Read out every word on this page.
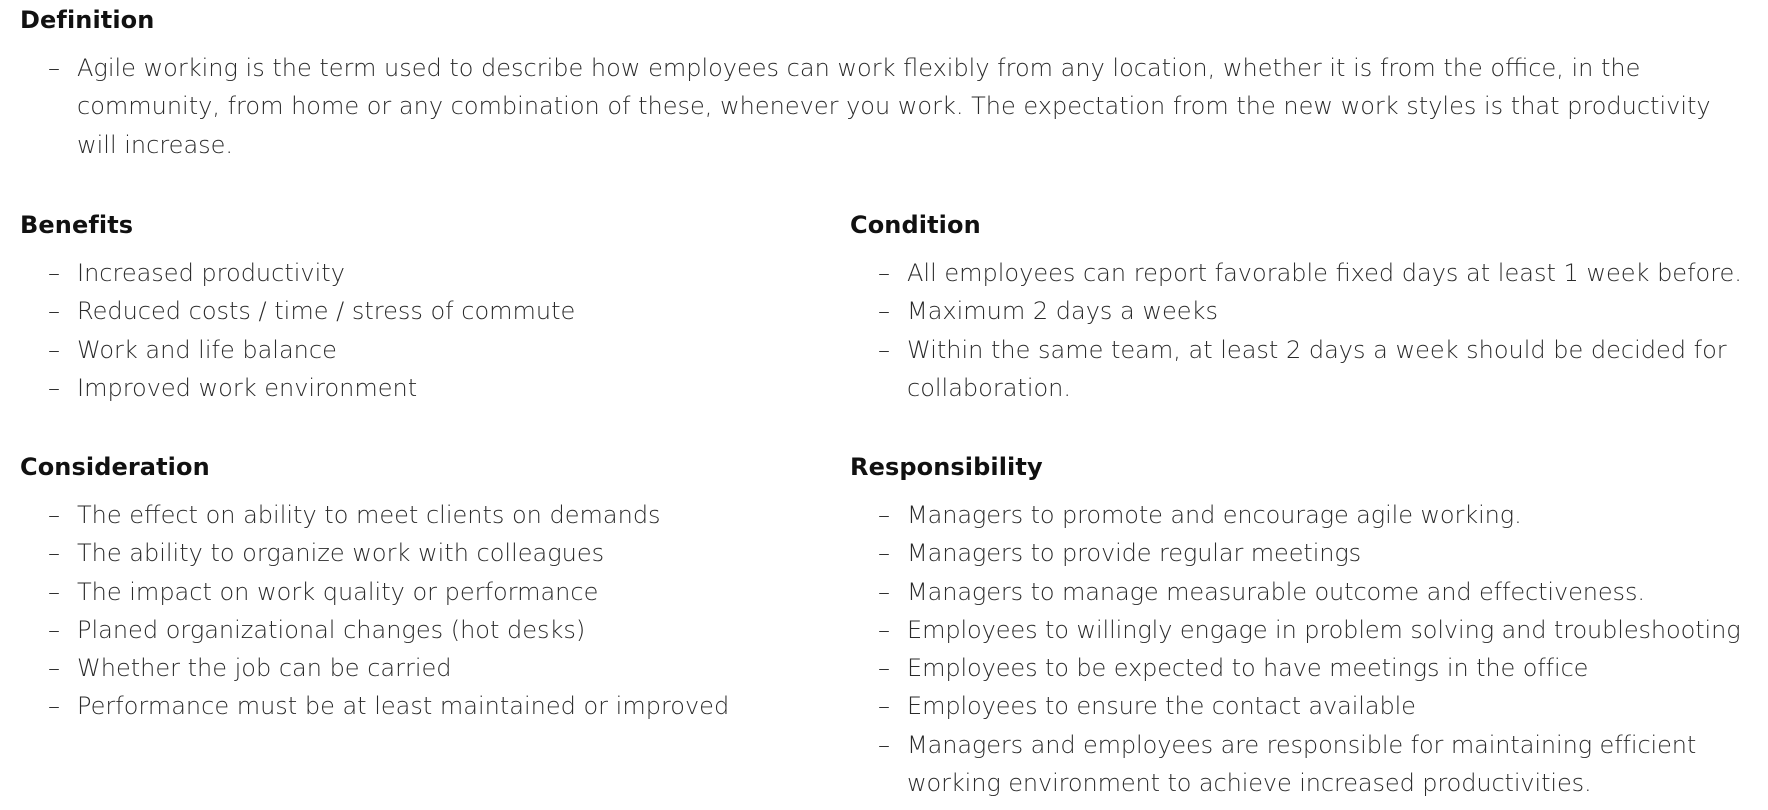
Definition
– Agile working is the term used to describe how employees can work flexibly from any location, whether it is from the office, in the community, from home or any combination of these, whenever you work. The expectation from the new work styles is that productivity will increase.
Benefits
– Increased productivity
– Reduced costs / time / stress of commute
– Work and life balance
– Improved work environment
Condition
– All employees can report favorable fixed days at least 1 week before.
– Maximum 2 days a weeks
– Within the same team, at least 2 days a week should be decided for collaboration.
Consideration
– The effect on ability to meet clients on demands
– The ability to organize work with colleagues
– The impact on work quality or performance
– Planed organizational changes (hot desks)
– Whether the job can be carried
– Performance must be at least maintained or improved
Responsibility
– Managers to promote and encourage agile working.
– Managers to provide regular meetings
– Managers to manage measurable outcome and effectiveness.
– Employees to willingly engage in problem solving and troubleshooting
– Employees to be expected to have meetings in the office
– Employees to ensure the contact available
– Managers and employees are responsible for maintaining efficient working environment to achieve increased productivities.
